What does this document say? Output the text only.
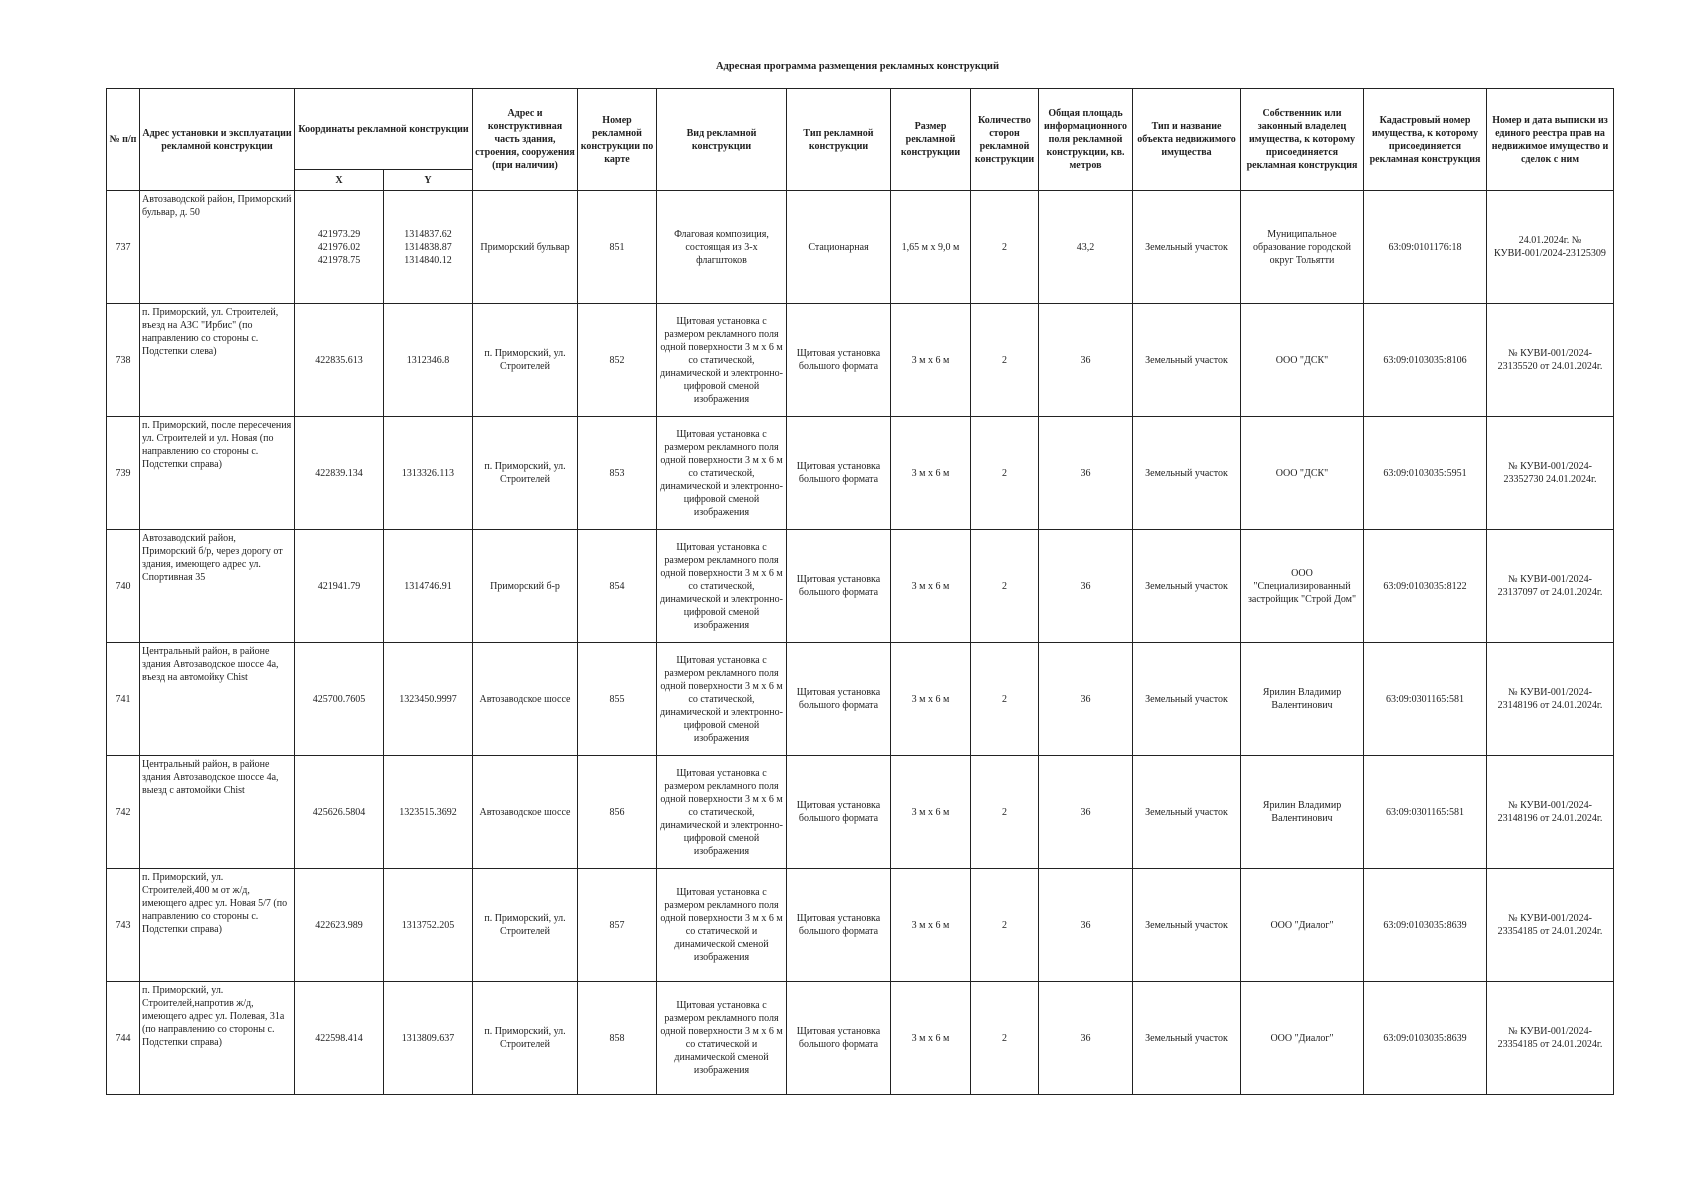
Адресная программа размещения рекламных конструкций
№ п/п	Адрес установки и эксплуатации рекламной конструкции	Координаты рекламной конструкции		Адрес и конструктивная часть здания, строения, сооружения (при наличии)	Номер рекламной конструкции по карте	Вид рекламной конструкции	Тип рекламной конструкции	Размер рекламной конструкции	Количество сторон рекламной конструкции	Общая площадь информационного поля рекламной конструкции, кв. метров	Тип и название объекта недвижимого имущества	Собственник или законный владелец имущества, к которому присоединяется рекламная конструкция	Кадастровый номер имущества, к которому присоединяется рекламная конструкция	Номер и дата выписки из единого реестра прав на недвижимое имущество и сделок с ним
		X	Y											
737	Автозаводской район, Приморский бульвар, д. 50	421973.29
421976.02
421978.75	1314837.62
1314838.87
1314840.12	Приморский бульвар	851	Флаговая композиция, состоящая из 3-х флагштоков	Стационарная	1,65 м х 9,0 м	2	43,2	Земельный участок	Муниципальное образование городской округ Тольятти	63:09:0101176:18	24.01.2024г. № КУВИ-001/2024-23125309
738	п. Приморский, ул. Строителей, въезд на АЗС "Ирбис" (по направлению со стороны с. Подстепки слева)	422835.613	1312346.8	п. Приморский, ул. Строителей	852	Щитовая установка с размером рекламного поля одной поверхности 3 м х 6 м со статической, динамической и электронно-цифровой сменой изображения	Щитовая установка большого формата	3 м х 6 м	2	36	Земельный участок	ООО "ДСК"	63:09:0103035:8106	№ КУВИ-001/2024-23135520 от 24.01.2024г.
739	п. Приморский, после пересечения ул. Строителей и ул. Новая (по направлению со стороны с. Подстепки справа)	422839.134	1313326.113	п. Приморский, ул. Строителей	853	Щитовая установка с размером рекламного поля одной поверхности 3 м х 6 м со статической, динамической и электронно-цифровой сменой изображения	Щитовая установка большого формата	3 м х 6 м	2	36	Земельный участок	ООО "ДСК"	63:09:0103035:5951	№ КУВИ-001/2024-23352730 24.01.2024г.
740	Автозаводский район, Приморский б/р, через дорогу от здания, имеющего адрес ул. Спортивная 35	421941.79	1314746.91	Приморский б-р	854	Щитовая установка с размером рекламного поля одной поверхности 3 м х 6 м со статической, динамической и электронно-цифровой сменой изображения	Щитовая установка большого формата	3 м х 6 м	2	36	Земельный участок	ООО "Специализированный застройщик "Строй Дом"	63:09:0103035:8122	№ КУВИ-001/2024-23137097 от 24.01.2024г.
741	Центральный район, в районе здания Автозаводское шоссе 4а, въезд на автомойку Chist	425700.7605	1323450.9997	Автозаводское шоссе	855	Щитовая установка с размером рекламного поля одной поверхности 3 м х 6 м со статической, динамической и электронно-цифровой сменой изображения	Щитовая установка большого формата	3 м х 6 м	2	36	Земельный участок	Ярилин Владимир Валентинович	63:09:0301165:581	№ КУВИ-001/2024-23148196 от 24.01.2024г.
742	Центральный район, в районе здания Автозаводское шоссе 4а, выезд с автомойки Chist	425626.5804	1323515.3692	Автозаводское шоссе	856	Щитовая установка с размером рекламного поля одной поверхности 3 м х 6 м со статической, динамической и электронно-цифровой сменой изображения	Щитовая установка большого формата	3 м х 6 м	2	36	Земельный участок	Ярилин Владимир Валентинович	63:09:0301165:581	№ КУВИ-001/2024-23148196 от 24.01.2024г.
743	п. Приморский, ул. Строителей,400 м от ж/д, имеющего адрес ул. Новая 5/7 (по направлению со стороны с. Подстепки справа)	422623.989	1313752.205	п. Приморский, ул. Строителей	857	Щитовая установка с размером рекламного поля одной поверхности 3 м х 6 м со статической и динамической сменой изображения	Щитовая установка большого формата	3 м х 6 м	2	36	Земельный участок	ООО "Диалог"	63:09:0103035:8639	№ КУВИ-001/2024-23354185 от 24.01.2024г.
744	п. Приморский, ул. Строителей,напротив ж/д, имеющего адрес ул. Полевая, 31а (по направлению со стороны с. Подстепки справа)	422598.414	1313809.637	п. Приморский, ул. Строителей	858	Щитовая установка с размером рекламного поля одной поверхности 3 м х 6 м со статической и динамической сменой изображения	Щитовая установка большого формата	3 м х 6 м	2	36	Земельный участок	ООО "Диалог"	63:09:0103035:8639	№ КУВИ-001/2024-23354185 от 24.01.2024г.
